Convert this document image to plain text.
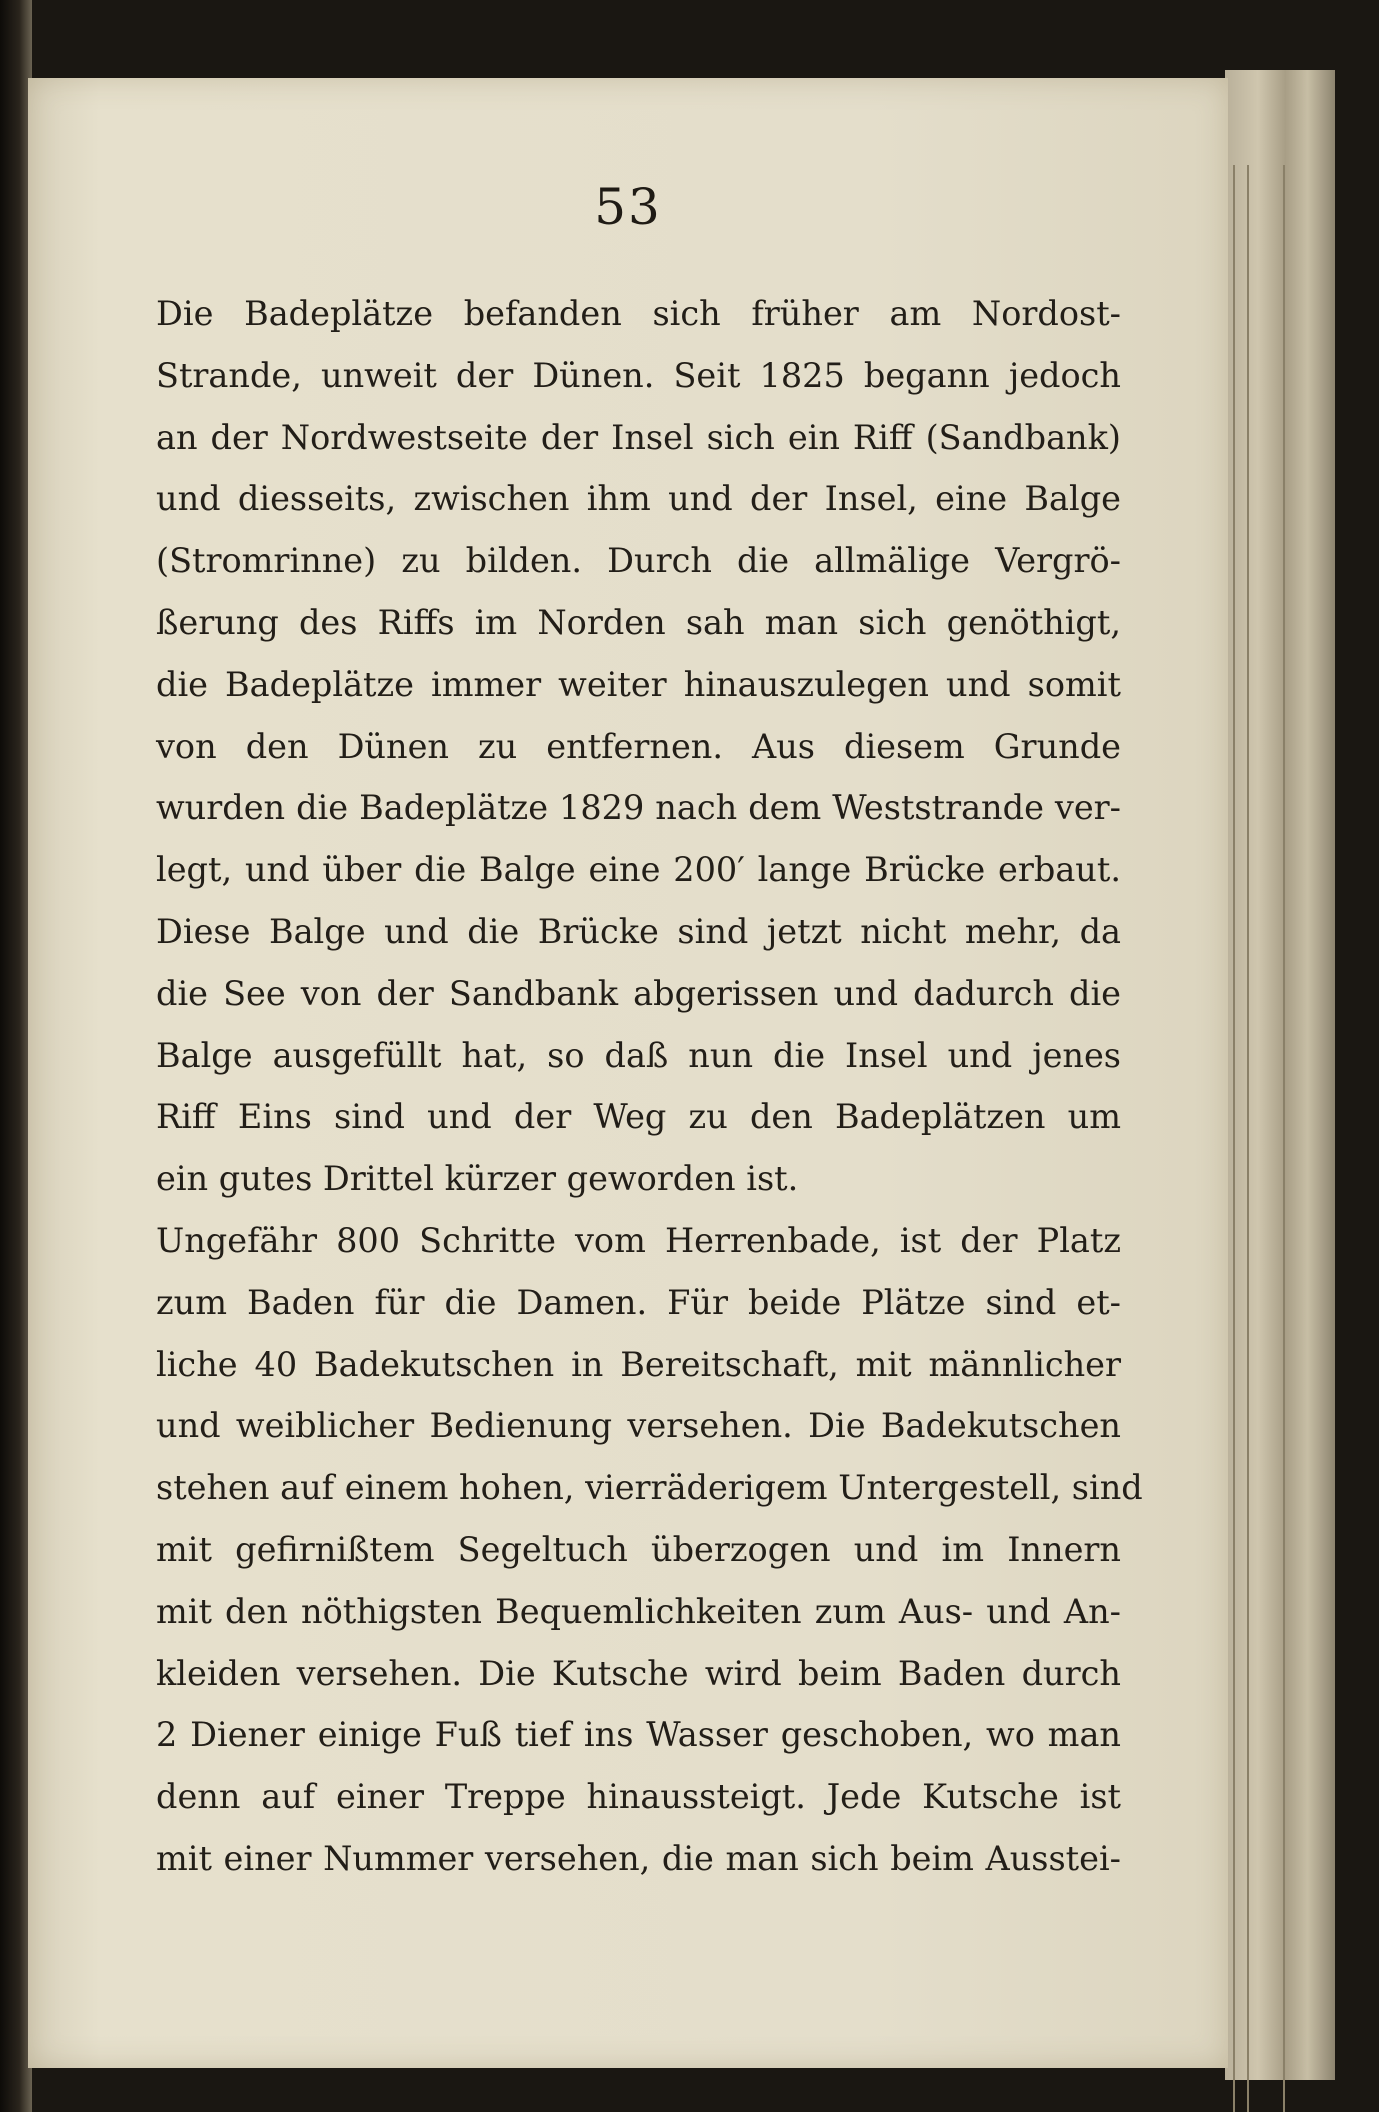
53
Die Badeplätze befanden sich früher am Nordost-
Strande, unweit der Dünen. Seit 1825 begann jedoch
an der Nordwestseite der Insel sich ein Riff (Sandbank)
und diesseits, zwischen ihm und der Insel, eine Balge
(Stromrinne) zu bilden. Durch die allmälige Vergrö-
ßerung des Riffs im Norden sah man sich genöthigt,
die Badeplätze immer weiter hinauszulegen und somit
von den Dünen zu entfernen. Aus diesem Grunde
wurden die Badeplätze 1829 nach dem Weststrande ver-
legt, und über die Balge eine 200′ lange Brücke erbaut.
Diese Balge und die Brücke sind jetzt nicht mehr, da
die See von der Sandbank abgerissen und dadurch die
Balge ausgefüllt hat, so daß nun die Insel und jenes
Riff Eins sind und der Weg zu den Badeplätzen um
ein gutes Drittel kürzer geworden ist.
Ungefähr 800 Schritte vom Herrenbade, ist der Platz
zum Baden für die Damen. Für beide Plätze sind et-
liche 40 Badekutschen in Bereitschaft, mit männlicher
und weiblicher Bedienung versehen. Die Badekutschen
stehen auf einem hohen, vierräderigem Untergestell, sind
mit gefirnißtem Segeltuch überzogen und im Innern
mit den nöthigsten Bequemlichkeiten zum Aus- und An-
kleiden versehen. Die Kutsche wird beim Baden durch
2 Diener einige Fuß tief ins Wasser geschoben, wo man
denn auf einer Treppe hinaussteigt. Jede Kutsche ist
mit einer Nummer versehen, die man sich beim Ausstei-
